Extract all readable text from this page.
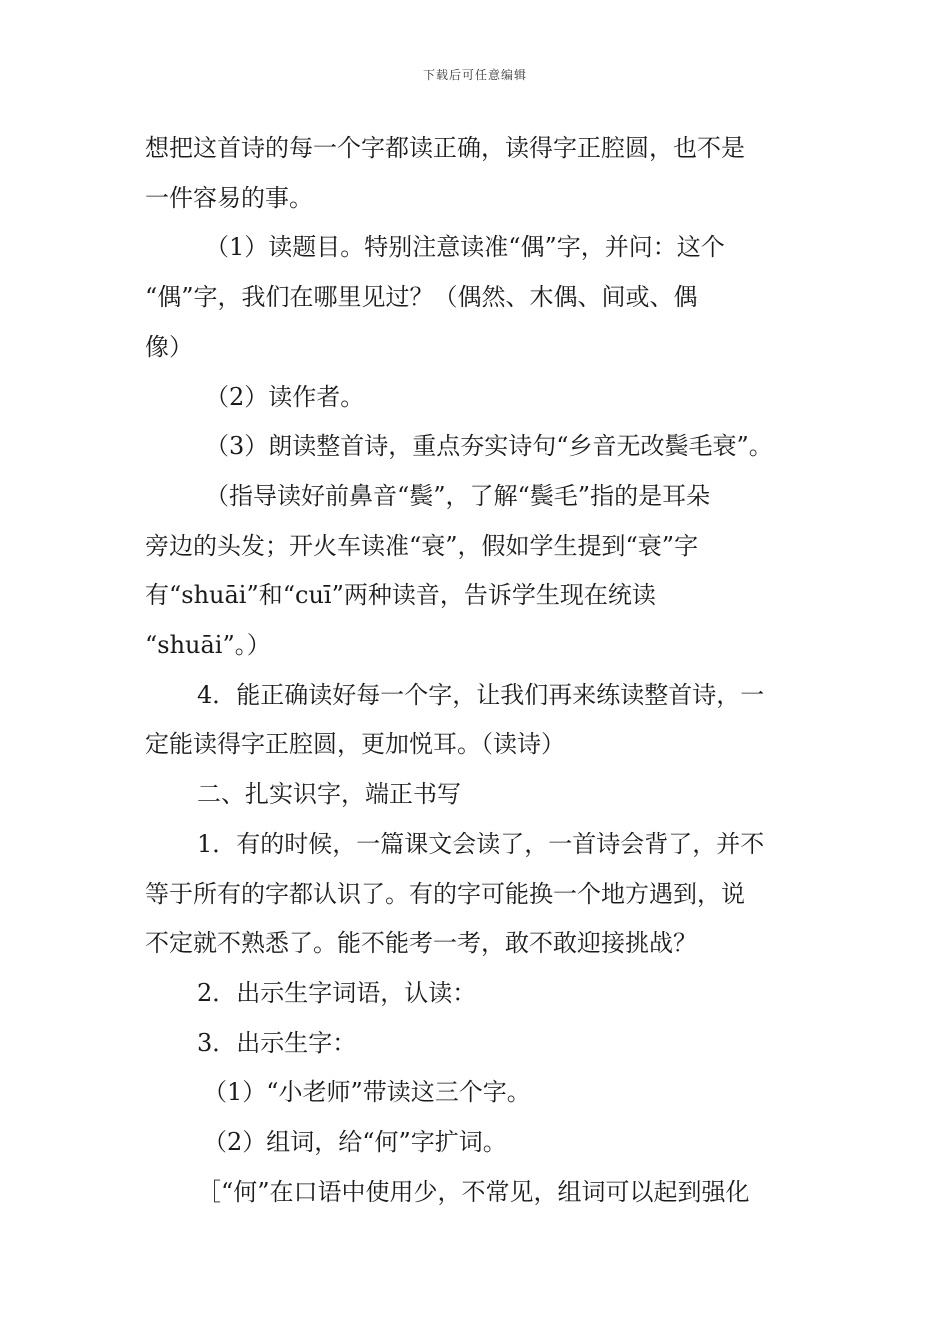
下载后可任意编辑
想把这首诗的每一个字都读正确，读得字正腔圆，也不是
一件容易的事。
（1）读题目。特别注意读准“偶”字，并问：这个
“偶”字，我们在哪里见过？（偶然、木偶、间或、偶
像）
（2）读作者。
（3）朗读整首诗，重点夯实诗句“乡音无改鬓毛衰”。
（指导读好前鼻音“鬓”，了解“鬓毛”指的是耳朵
旁边的头发；开火车读准“衰”，假如学生提到“衰”字
有“shuāi”和“cuī”两种读音，告诉学生现在统读
“shuāi”。）
4．能正确读好每一个字，让我们再来练读整首诗，一
定能读得字正腔圆，更加悦耳。（读诗）
二、扎实识字，端正书写
1．有的时候，一篇课文会读了，一首诗会背了，并不
等于所有的字都认识了。有的字可能换一个地方遇到，说
不定就不熟悉了。能不能考一考，敢不敢迎接挑战？
2．出示生字词语，认读：
3．出示生字：
（1）“小老师”带读这三个字。
（2）组词，给“何”字扩词。
［“何”在口语中使用少，不常见，组词可以起到强化
